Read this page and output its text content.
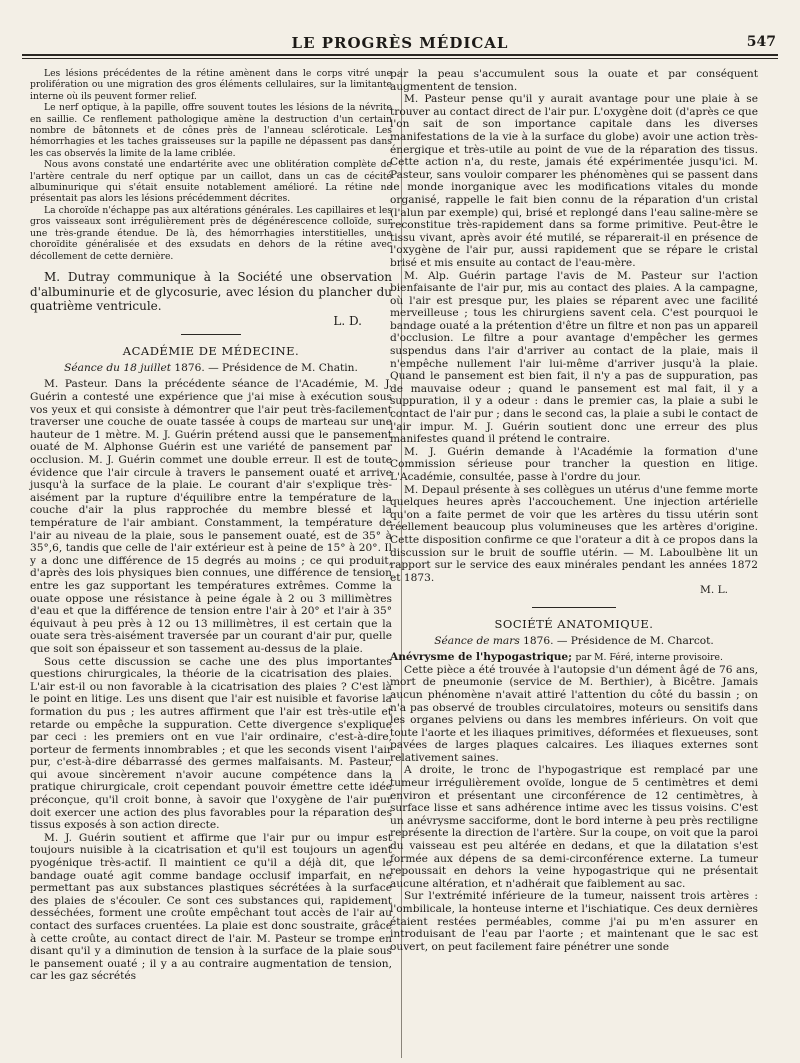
LE PROGRÈS MÉDICAL	547

Les lésions précédentes de la rétine amènent dans le corps vitré une prolifération ou une migration des gros éléments cellulaires, sur la limitante interne où ils peuvent former relief.

Le nerf optique, à la papille, offre souvent toutes les lésions de la névrite en saillie. Ce renflement pathologique amène la destruction d'un certain nombre de bâtonnets et de cônes près de l'anneau scléroticale. Les hémorrhagies et les taches graisseuses sur la papille ne dépassent pas dans les cas observés la limite de la lame criblée.

Nous avons constaté une endartérite avec une oblitération complète de l'artère centrale du nerf optique par un caillot, dans un cas de cécité albuminurique qui s'était ensuite notablement amélioré. La rétine ne présentait pas alors les lésions précédemment décrites.

La choroïde n'échappe pas aux altérations générales. Les capillaires et les gros vaisseaux sont irrégulièrement près de dégénérescence colloïde, sur une très-grande étendue. De là, des hémorrhagies interstitielles, une choroïdite généralisée et des exsudats en dehors de la rétine avec décollement de cette dernière.

M. Dutray communique à la Société une observation d'albuminurie et de glycosurie, avec lésion du plancher du quatrième ventricule.

L. D.

ACADÉMIE DE MÉDECINE.
Séance du 18 juillet 1876. — Présidence de M. Chatin.

M. Pasteur. Dans la précédente séance de l'Académie, M. J. Guérin a contesté une expérience que j'ai mise à exécution sous vos yeux et qui consiste à démontrer que l'air peut très-facilement traverser une couche de ouate tassée à coups de marteau sur une hauteur de 1 mètre. M. J. Guérin prétend aussi que le pansement ouaté de M. Alphonse Guérin est une variété de pansement par occlusion. M. J. Guérin commet une double erreur. Il est de toute évidence que l'air circule à travers le pansement ouaté et arrive jusqu'à la surface de la plaie. Le courant d'air s'explique très-aisément par la rupture d'équilibre entre la température de la couche d'air la plus rapprochée du membre blessé et la température de l'air ambiant. Constamment, la température de l'air au niveau de la plaie, sous le pansement ouaté, est de 35° à 35°,6, tandis que celle de l'air extérieur est à peine de 15° à 20°. Il y a donc une différence de 15 degrés au moins ; ce qui produit, d'après des lois physiques bien connues, une différence de tension entre les gaz supportant les températures extrêmes. Comme la ouate oppose une résistance à peine égale à 2 ou 3 millimètres d'eau et que la différence de tension entre l'air à 20° et l'air à 35° équivaut à peu près à 12 ou 13 millimètres, il est certain que la ouate sera très-aisément traversée par un courant d'air pur, quelle que soit son épaisseur et son tassement au-dessus de la plaie.

Sous cette discussion se cache une des plus importantes questions chirurgicales, la théorie de la cicatrisation des plaies. L'air est-il ou non favorable à la cicatrisation des plaies ? C'est là le point en litige. Les uns disent que l'air est nuisible et favorise la formation du pus ; les autres affirment que l'air est très-utile et retarde ou empêche la suppuration. Cette divergence s'explique par ceci : les premiers ont en vue l'air ordinaire, c'est-à-dire, porteur de ferments innombrables ; et que les seconds visent l'air pur, c'est-à-dire débarrassé des germes malfaisants. M. Pasteur, qui avoue sincèrement n'avoir aucune compétence dans la pratique chirurgicale, croit cependant pouvoir émettre cette idée préconçue, qu'il croit bonne, à savoir que l'oxygène de l'air pur doit exercer une action des plus favorables pour la réparation des tissus exposés à son action directe.

M. J. Guérin soutient et affirme que l'air pur ou impur est toujours nuisible à la cicatrisation et qu'il est toujours un agent pyogénique très-actif. Il maintient ce qu'il a déjà dit, que le bandage ouaté agit comme bandage occlusif imparfait, en ne permettant pas aux substances plastiques sécrétées à la surface des plaies de s'écouler. Ce sont ces substances qui, rapidement desséchées, forment une croûte empêchant tout accès de l'air au contact des surfaces cruentées. La plaie est donc soustraite, grâce à cette croûte, au contact direct de l'air. M. Pasteur se trompe en disant qu'il y a diminution de tension à la surface de la plaie sous le pansement ouaté ; il y a au contraire augmentation de tension, car les gaz sécrétés

par la peau s'accumulent sous la ouate et par conséquent augmentent de tension.

M. Pasteur pense qu'il y aurait avantage pour une plaie à se trouver au contact direct de l'air pur. L'oxygène doit (d'après ce que l'on sait de son importance capitale dans les diverses manifestations de la vie à la surface du globe) avoir une action très-énergique et très-utile au point de vue de la réparation des tissus. Cette action n'a, du reste, jamais été expérimentée jusqu'ici. M. Pasteur, sans vouloir comparer les phénomènes qui se passent dans le monde inorganique avec les modifications vitales du monde organisé, rappelle le fait bien connu de la réparation d'un cristal (l'alun par exemple) qui, brisé et replongé dans l'eau saline-mère se reconstitue très-rapidement dans sa forme primitive. Peut-être le tissu vivant, après avoir été mutilé, se réparerait-il en présence de l'oxygène de l'air pur, aussi rapidement que se répare le cristal brisé et mis ensuite au contact de l'eau-mère.

M. Alp. Guérin partage l'avis de M. Pasteur sur l'action bienfaisante de l'air pur, mis au contact des plaies. A la campagne, où l'air est presque pur, les plaies se réparent avec une facilité merveilleuse ; tous les chirurgiens savent cela. C'est pourquoi le bandage ouaté a la prétention d'être un filtre et non pas un appareil d'occlusion. Le filtre a pour avantage d'empêcher les germes suspendus dans l'air d'arriver au contact de la plaie, mais il n'empêche nullement l'air lui-même d'arriver jusqu'à la plaie. Quand le pansement est bien fait, il n'y a pas de suppuration, pas de mauvaise odeur ; quand le pansement est mal fait, il y a suppuration, il y a odeur : dans le premier cas, la plaie a subi le contact de l'air pur ; dans le second cas, la plaie a subi le contact de l'air impur. M. J. Guérin soutient donc une erreur des plus manifestes quand il prétend le contraire.

M. J. Guérin demande à l'Académie la formation d'une Commission sérieuse pour trancher la question en litige. L'Académie, consultée, passe à l'ordre du jour.

M. Depaul présente à ses collègues un utérus d'une femme morte quelques heures après l'accouchement. Une injection artérielle qu'on a faite permet de voir que les artères du tissu utérin sont réellement beaucoup plus volumineuses que les artères d'origine. Cette disposition confirme ce que l'orateur a dit à ce propos dans la discussion sur le bruit de souffle utérin. — M. Laboulbène lit un rapport sur le service des eaux minérales pendant les années 1872 et 1873.

M. L.

SOCIÉTÉ ANATOMIQUE.
Séance de mars 1876. — Présidence de M. Charcot.

Anévrysme de l'hypogastrique; par M. Féré, interne provisoire.

Cette pièce a été trouvée à l'autopsie d'un dément âgé de 76 ans, mort de pneumonie (service de M. Berthier), à Bicêtre. Jamais aucun phénomène n'avait attiré l'attention du côté du bassin ; on n'a pas observé de troubles circulatoires, moteurs ou sensitifs dans les organes pelviens ou dans les membres inférieurs. On voit que toute l'aorte et les iliaques primitives, déformées et flexueuses, sont pavées de larges plaques calcaires. Les iliaques externes sont relativement saines.

A droite, le tronc de l'hypogastrique est remplacé par une tumeur irrégulièrement ovoïde, longue de 5 centimètres et demi environ et présentant une circonférence de 12 centimètres, à surface lisse et sans adhérence intime avec les tissus voisins. C'est un anévrysme sacciforme, dont le bord interne à peu près rectiligne représente la direction de l'artère. Sur la coupe, on voit que la paroi du vaisseau est peu altérée en dedans, et que la dilatation s'est formée aux dépens de sa demi-circonférence externe. La tumeur repoussait en dehors la veine hypogastrique qui ne présentait aucune altération, et n'adhérait que faiblement au sac.

Sur l'extrémité inférieure de la tumeur, naissent trois artères : l'ombilicale, la honteuse interne et l'ischiatique. Ces deux dernières étaient restées perméables, comme j'ai pu m'en assurer en introduisant de l'eau par l'aorte ; et maintenant que le sac est ouvert, on peut facilement faire pénétrer une sonde
